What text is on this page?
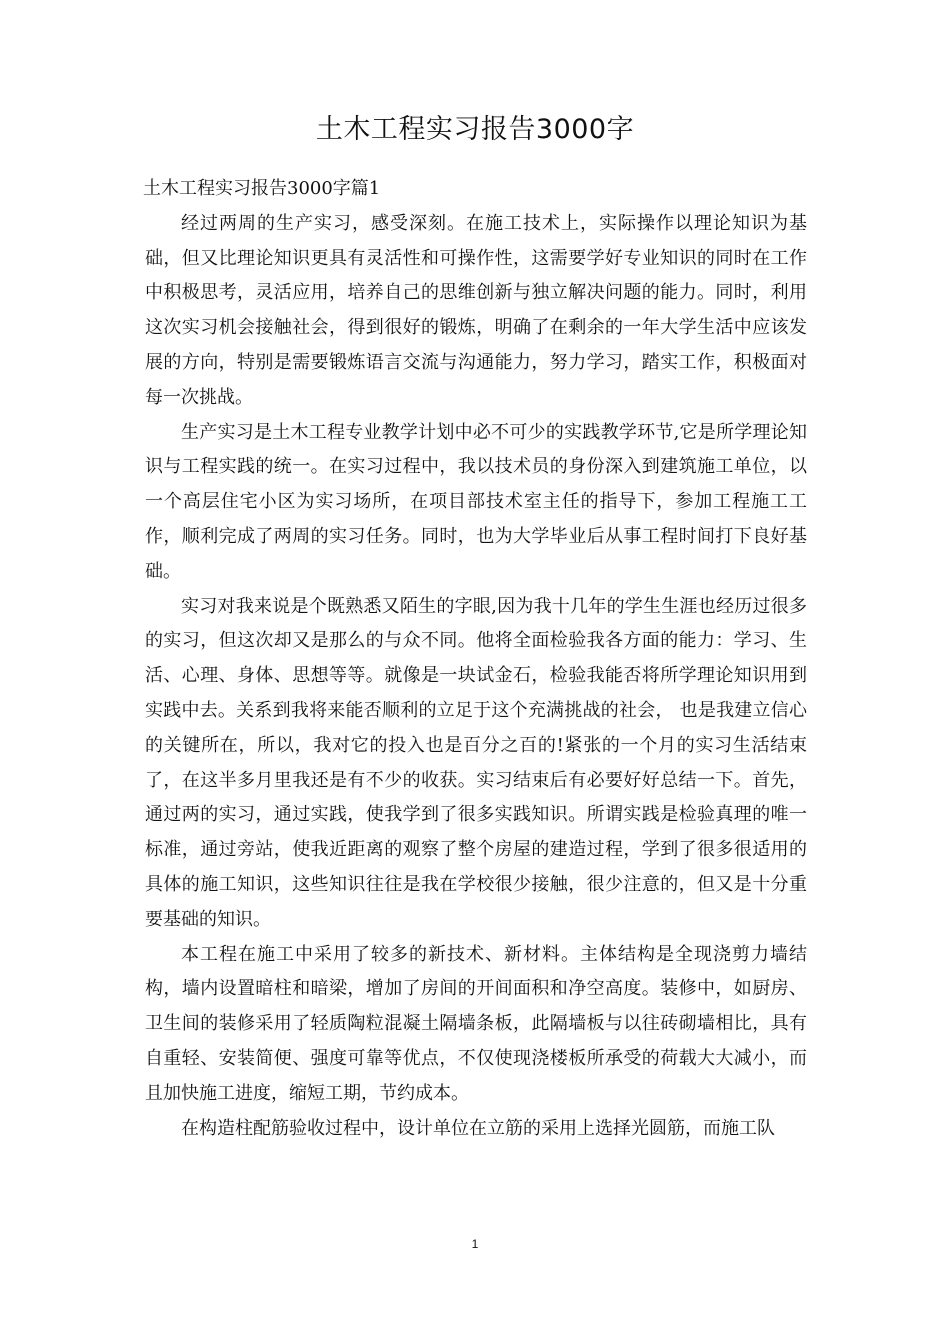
土木工程实习报告3000字

土木工程实习报告3000字篇1

经过两周的生产实习，感受深刻。在施工技术上，实际操作以理论知识为基础，但又比理论知识更具有灵活性和可操作性，这需要学好专业知识的同时在工作中积极思考，灵活应用，培养自己的思维创新与独立解决问题的能力。同时，利用这次实习机会接触社会，得到很好的锻炼，明确了在剩余的一年大学生活中应该发展的方向，特别是需要锻炼语言交流与沟通能力，努力学习，踏实工作，积极面对每一次挑战。

生产实习是土木工程专业教学计划中必不可少的实践教学环节,它是所学理论知识与工程实践的统一。在实习过程中，我以技术员的身份深入到建筑施工单位，以一个高层住宅小区为实习场所，在项目部技术室主任的指导下，参加工程施工工作，顺利完成了两周的实习任务。同时，也为大学毕业后从事工程时间打下良好基础。

实习对我来说是个既熟悉又陌生的字眼,因为我十几年的学生生涯也经历过很多的实习，但这次却又是那么的与众不同。他将全面检验我各方面的能力：学习、生活、心理、身体、思想等等。就像是一块试金石，检验我能否将所学理论知识用到实践中去。关系到我将来能否顺利的立足于这个充满挑战的社会， 也是我建立信心的关键所在，所以，我对它的投入也是百分之百的!紧张的一个月的实习生活结束了，在这半多月里我还是有不少的收获。实习结束后有必要好好总结一下。首先，通过两的实习，通过实践，使我学到了很多实践知识。所谓实践是检验真理的唯一标准，通过旁站，使我近距离的观察了整个房屋的建造过程，学到了很多很适用的具体的施工知识，这些知识往往是我在学校很少接触，很少注意的，但又是十分重要基础的知识。

本工程在施工中采用了较多的新技术、新材料。主体结构是全现浇剪力墙结构，墙内设置暗柱和暗梁，增加了房间的开间面积和净空高度。装修中，如厨房、卫生间的装修采用了轻质陶粒混凝土隔墙条板，此隔墙板与以往砖砌墙相比，具有自重轻、安装简便、强度可靠等优点，不仅使现浇楼板所承受的荷载大大减小，而且加快施工进度，缩短工期，节约成本。

在构造柱配筋验收过程中，设计单位在立筋的采用上选择光圆筋，而施工队

1
